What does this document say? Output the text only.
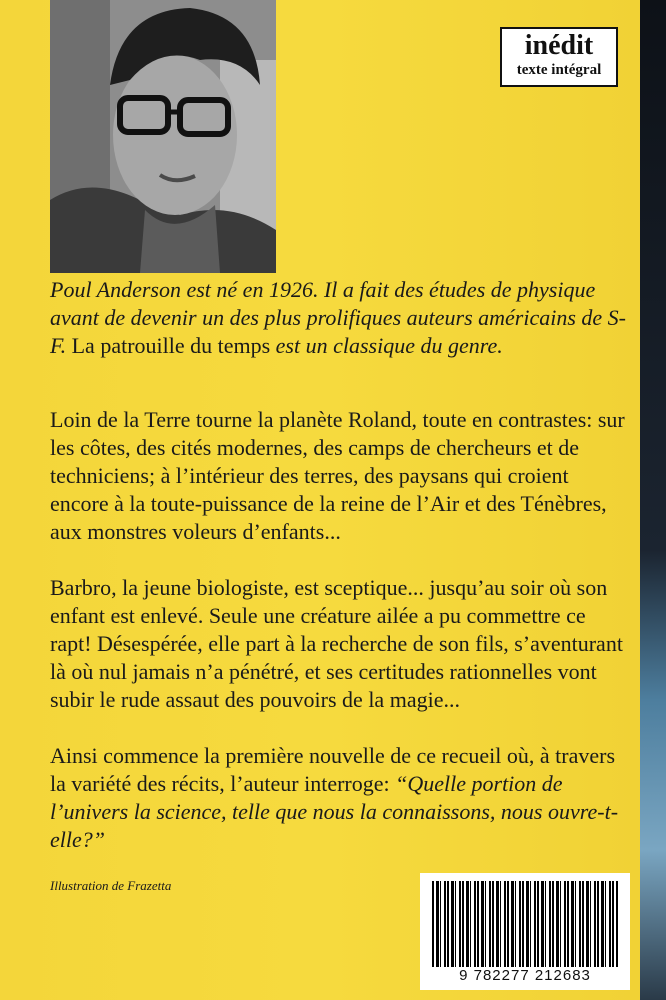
inédit
texte intégral

Poul Anderson est né en 1926. Il a fait des études de physique avant de devenir un des plus prolifiques auteurs américains de S-F. La patrouille du temps est un classique du genre.

Loin de la Terre tourne la planète Roland, toute en contrastes: sur les côtes, des cités modernes, des camps de chercheurs et de techniciens; à l’intérieur des terres, des paysans qui croient encore à la toute-puissance de la reine de l’Air et des Ténèbres, aux monstres voleurs d’enfants...

Barbro, la jeune biologiste, est sceptique... jusqu’au soir où son enfant est enlevé. Seule une créature ailée a pu commettre ce rapt! Désespérée, elle part à la recherche de son fils, s’aventurant là où nul jamais n’a pénétré, et ses certitudes rationnelles vont subir le rude assaut des pouvoirs de la magie...

Ainsi commence la première nouvelle de ce recueil où, à travers la variété des récits, l’auteur interroge: “Quelle portion de l’univers la science, telle que nous la connaissons, nous ouvre-t-elle?”

Illustration de Frazetta
9 782277 212683
